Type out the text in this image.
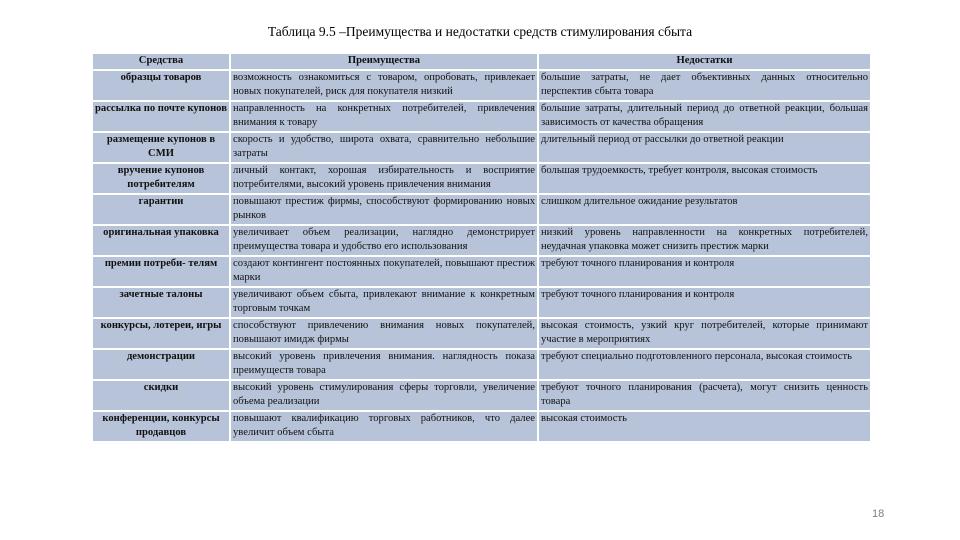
Таблица 9.5 –Преимущества и недостатки средств стимулирования сбыта
Средства	Преимущества	Недостатки
образцы товаров	возможность ознакомиться с товаром, опробовать, привлекает новых покупателей, риск для покупателя низкий	большие затраты, не дает объективных данных относительно перспектив сбыта товара
рассылка по почте купонов	направленность на конкретных потребителей, привлечения внимания к товару	большие затраты, длительный период до ответной реакции, большая зависимость от качества обращения
размещение купонов в СМИ	скорость и удобство, широта охвата, сравнительно небольшие затраты	длительный период от рассылки до ответной реакции
вручение купонов потребителям	личный контакт, хорошая избирательность и восприятие потребителями, высокий уровень привлечения внимания	большая трудоемкость, требует контроля, высокая стоимость
гарантии	повышают престиж фирмы, способствуют формированию новых рынков	слишком длительное ожидание результатов
оригинальная упаковка	увеличивает объем реализации, наглядно демонстрирует преимущества товара и удобство его использования	низкий уровень направленности на конкретных потребителей, неудачная упаковка может снизить престиж марки
премии потреби- телям	создают контингент постоянных покупателей, повышают престиж марки	требуют точного планирования и контроля
зачетные талоны	увеличивают объем сбыта, привлекают внимание к конкретным торговым точкам	требуют точного планирования и контроля
конкурсы, лотереи, игры	способствуют привлечению внимания новых покупателей, повышают имидж фирмы	высокая стоимость, узкий круг потребителей, которые принимают участие в мероприятиях
демонстрации	высокий уровень привлечения внимания. наглядность показа преимуществ товара	требуют специально подготовленного персонала, высокая стоимость
скидки	высокий уровень стимулирования сферы торговли, увеличение объема реализации	требуют точного планирования (расчета), могут снизить ценность товара
конференции, конкурсы продавцов	повышают квалификацию торговых работников, что далее увеличит объем сбыта	высокая стоимость
18
